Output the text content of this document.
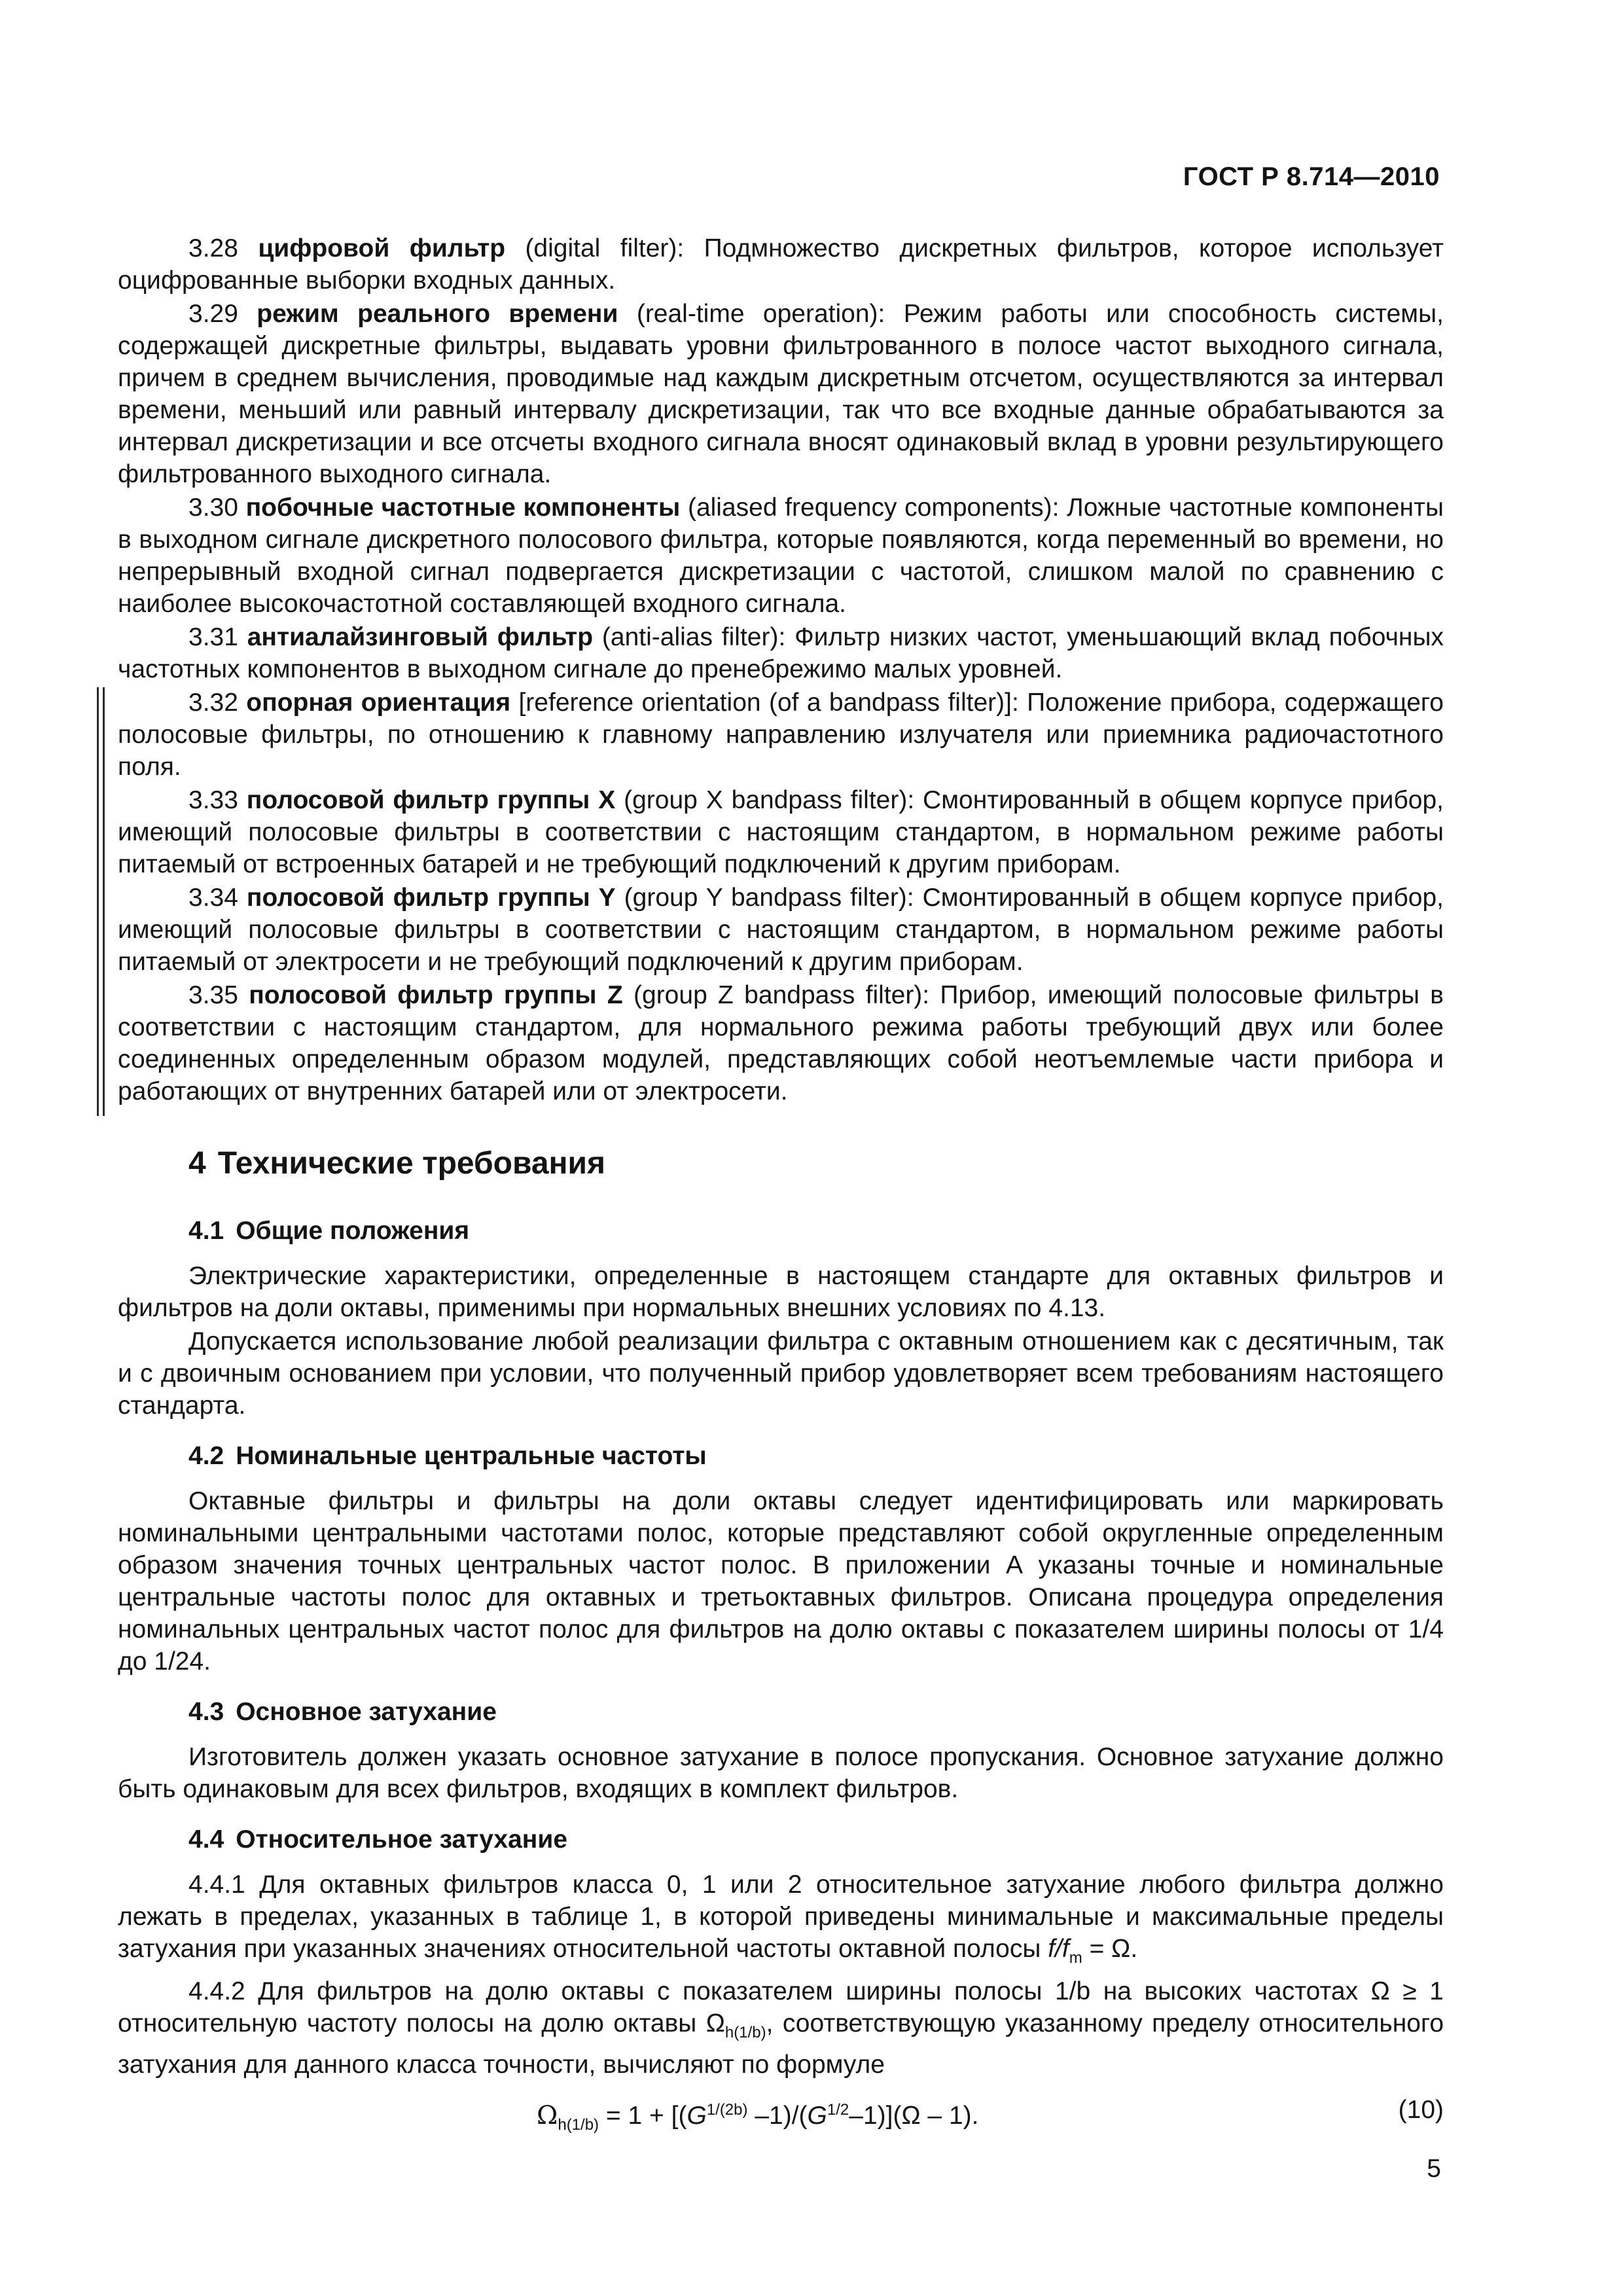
ГОСТ Р 8.714—2010

3.28 цифровой фильтр (digital filter): Подмножество дискретных фильтров, которое использует оцифрованные выборки входных данных.

3.29 режим реального времени (real-time operation): Режим работы или способность системы, содержащей дискретные фильтры, выдавать уровни фильтрованного в полосе частот выходного сигнала, причем в среднем вычисления, проводимые над каждым дискретным отсчетом, осуществляются за интервал времени, меньший или равный интервалу дискретизации, так что все входные данные обрабатываются за интервал дискретизации и все отсчеты входного сигнала вносят одинаковый вклад в уровни результирующего фильтрованного выходного сигнала.

3.30 побочные частотные компоненты (aliased frequency components): Ложные частотные компоненты в выходном сигнале дискретного полосового фильтра, которые появляются, когда переменный во времени, но непрерывный входной сигнал подвергается дискретизации с частотой, слишком малой по сравнению с наиболее высокочастотной составляющей входного сигнала.

3.31 антиалайзинговый фильтр (anti-alias filter): Фильтр низких частот, уменьшающий вклад побочных частотных компонентов в выходном сигнале до пренебрежимо малых уровней.

3.32 опорная ориентация [reference orientation (of a bandpass filter)]: Положение прибора, содержащего полосовые фильтры, по отношению к главному направлению излучателя или приемника радиочастотного поля.

3.33 полосовой фильтр группы X (group X bandpass filter): Смонтированный в общем корпусе прибор, имеющий полосовые фильтры в соответствии с настоящим стандартом, в нормальном режиме работы питаемый от встроенных батарей и не требующий подключений к другим приборам.

3.34 полосовой фильтр группы Y (group Y bandpass filter): Смонтированный в общем корпусе прибор, имеющий полосовые фильтры в соответствии с настоящим стандартом, в нормальном режиме работы питаемый от электросети и не требующий подключений к другим приборам.

3.35 полосовой фильтр группы Z (group Z bandpass filter): Прибор, имеющий полосовые фильтры в соответствии с настоящим стандартом, для нормального режима работы требующий двух или более соединенных определенным образом модулей, представляющих собой неотъемлемые части прибора и работающих от внутренних батарей или от электросети.

4 Технические требования
4.1 Общие положения

Электрические характеристики, определенные в настоящем стандарте для октавных фильтров и фильтров на доли октавы, применимы при нормальных внешних условиях по 4.13.

Допускается использование любой реализации фильтра с октавным отношением как с десятичным, так и с двоичным основанием при условии, что полученный прибор удовлетворяет всем требованиям настоящего стандарта.

4.2 Номинальные центральные частоты

Октавные фильтры и фильтры на доли октавы следует идентифицировать или маркировать номинальными центральными частотами полос, которые представляют собой округленные определенным образом значения точных центральных частот полос. В приложении А указаны точные и номинальные центральные частоты полос для октавных и третьоктавных фильтров. Описана процедура определения номинальных центральных частот полос для фильтров на долю октавы с показателем ширины полосы от 1/4 до 1/24.

4.3 Основное затухание

Изготовитель должен указать основное затухание в полосе пропускания. Основное затухание должно быть одинаковым для всех фильтров, входящих в комплект фильтров.

4.4 Относительное затухание

4.4.1 Для октавных фильтров класса 0, 1 или 2 относительное затухание любого фильтра должно лежать в пределах, указанных в таблице 1, в которой приведены минимальные и максимальные пределы затухания при указанных значениях относительной частоты октавной полосы $f/f_m = \Omega$.

4.4.2 Для фильтров на долю октавы с показателем ширины полосы 1/b на высоких частотах Ω ≥ 1 относительную частоту полосы на долю октавы $\Omega_{h(1/b)}$, соответствующую указанному пределу относительного затухания для данного класса точности, вычисляют по формуле

$\Omega_{h(1/b)} = 1 + [(G^{1/(2b)}$ $-1)/(G^{1/2}-1)](\Omega - 1)$.	(10)
5
